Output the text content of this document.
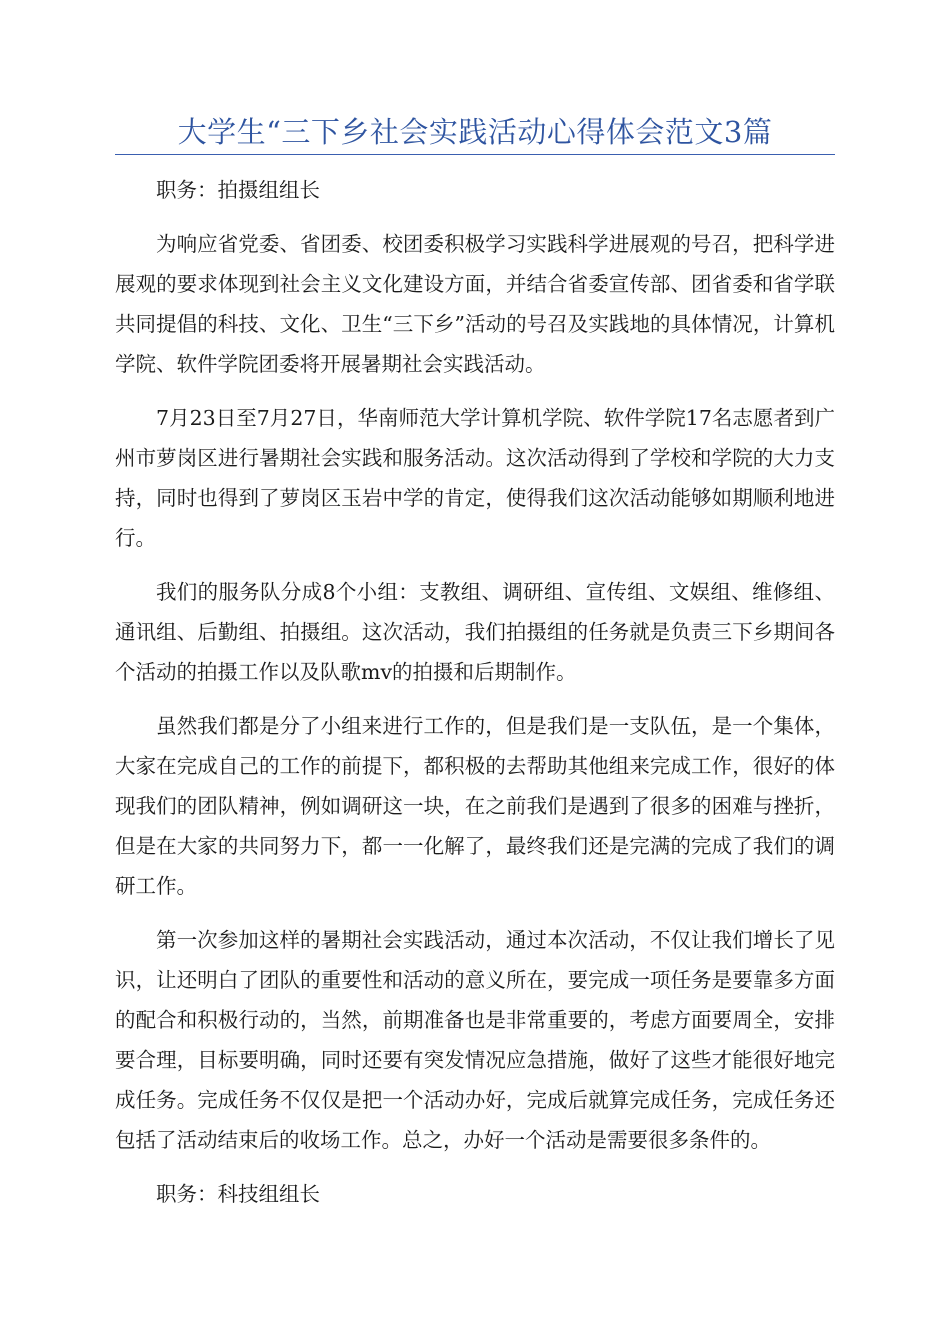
大学生“三下乡社会实践活动心得体会范文3篇

职务：拍摄组组长

为响应省党委、省团委、校团委积极学习实践科学进展观的号召，把科学进展观的要求体现到社会主义文化建设方面，并结合省委宣传部、团省委和省学联共同提倡的科技、文化、卫生“三下乡”活动的号召及实践地的具体情况，计算机学院、软件学院团委将开展暑期社会实践活动。

7月23日至7月27日，华南师范大学计算机学院、软件学院17名志愿者到广州市萝岗区进行暑期社会实践和服务活动。这次活动得到了学校和学院的大力支持，同时也得到了萝岗区玉岩中学的肯定，使得我们这次活动能够如期顺利地进行。

我们的服务队分成8个小组：支教组、调研组、宣传组、文娱组、维修组、通讯组、后勤组、拍摄组。这次活动，我们拍摄组的任务就是负责三下乡期间各个活动的拍摄工作以及队歌mv的拍摄和后期制作。

虽然我们都是分了小组来进行工作的，但是我们是一支队伍，是一个集体，大家在完成自己的工作的前提下，都积极的去帮助其他组来完成工作，很好的体现我们的团队精神，例如调研这一块，在之前我们是遇到了很多的困难与挫折，但是在大家的共同努力下，都一一化解了，最终我们还是完满的完成了我们的调研工作。

第一次参加这样的暑期社会实践活动，通过本次活动，不仅让我们增长了见识，让还明白了团队的重要性和活动的意义所在，要完成一项任务是要靠多方面的配合和积极行动的，当然，前期准备也是非常重要的，考虑方面要周全，安排要合理，目标要明确，同时还要有突发情况应急措施，做好了这些才能很好地完成任务。完成任务不仅仅是把一个活动办好，完成后就算完成任务，完成任务还包括了活动结束后的收场工作。总之，办好一个活动是需要很多条件的。

职务：科技组组长
